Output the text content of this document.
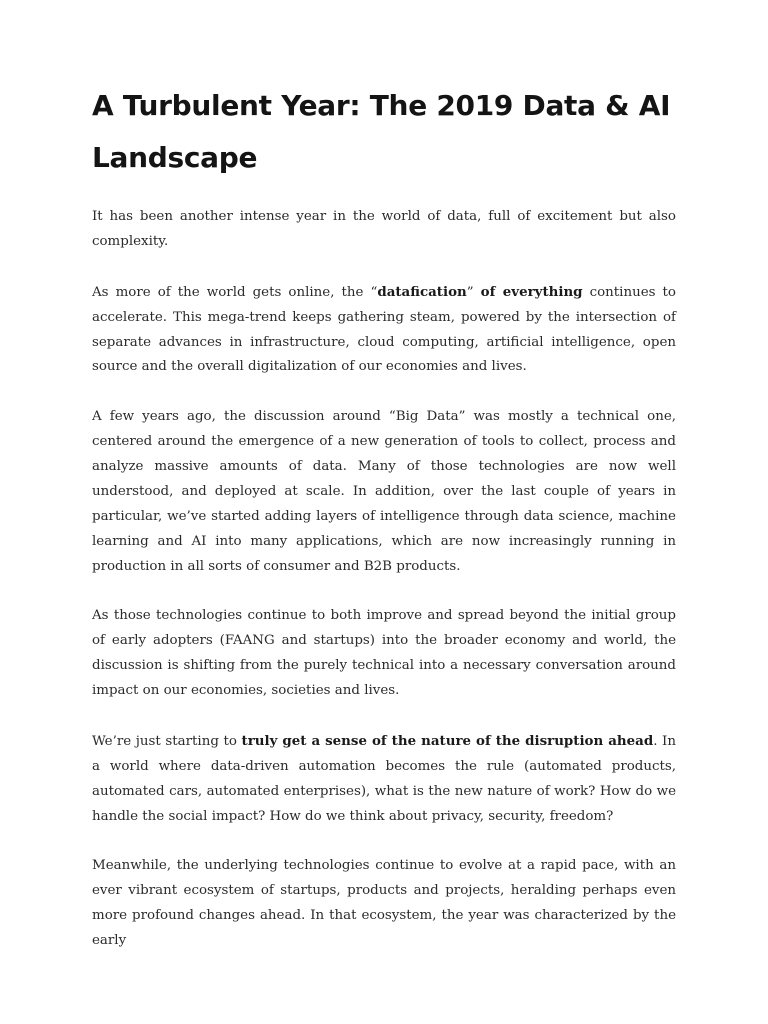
A Turbulent Year: The 2019 Data & AI Landscape

It has been another intense year in the world of data, full of excitement but also complexity.

As more of the world gets online, the “datafication” of everything continues to accelerate. This mega-trend keeps gathering steam, powered by the intersection of separate advances in infrastructure, cloud computing, artificial intelligence, open source and the overall digitalization of our economies and lives.

A few years ago, the discussion around “Big Data” was mostly a technical one, centered around the emergence of a new generation of tools to collect, process and analyze massive amounts of data. Many of those technologies are now well understood, and deployed at scale. In addition, over the last couple of years in particular, we’ve started adding layers of intelligence through data science, machine learning and AI into many applications, which are now increasingly running in production in all sorts of consumer and B2B products.

As those technologies continue to both improve and spread beyond the initial group of early adopters (FAANG and startups) into the broader economy and world, the discussion is shifting from the purely technical into a necessary conversation around impact on our economies, societies and lives.

We’re just starting to truly get a sense of the nature of the disruption ahead. In a world where data-driven automation becomes the rule (automated products, automated cars, automated enterprises), what is the new nature of work? How do we handle the social impact? How do we think about privacy, security, freedom?

Meanwhile, the underlying technologies continue to evolve at a rapid pace, with an ever vibrant ecosystem of startups, products and projects, heralding perhaps even more profound changes ahead. In that ecosystem, the year was characterized by the early
